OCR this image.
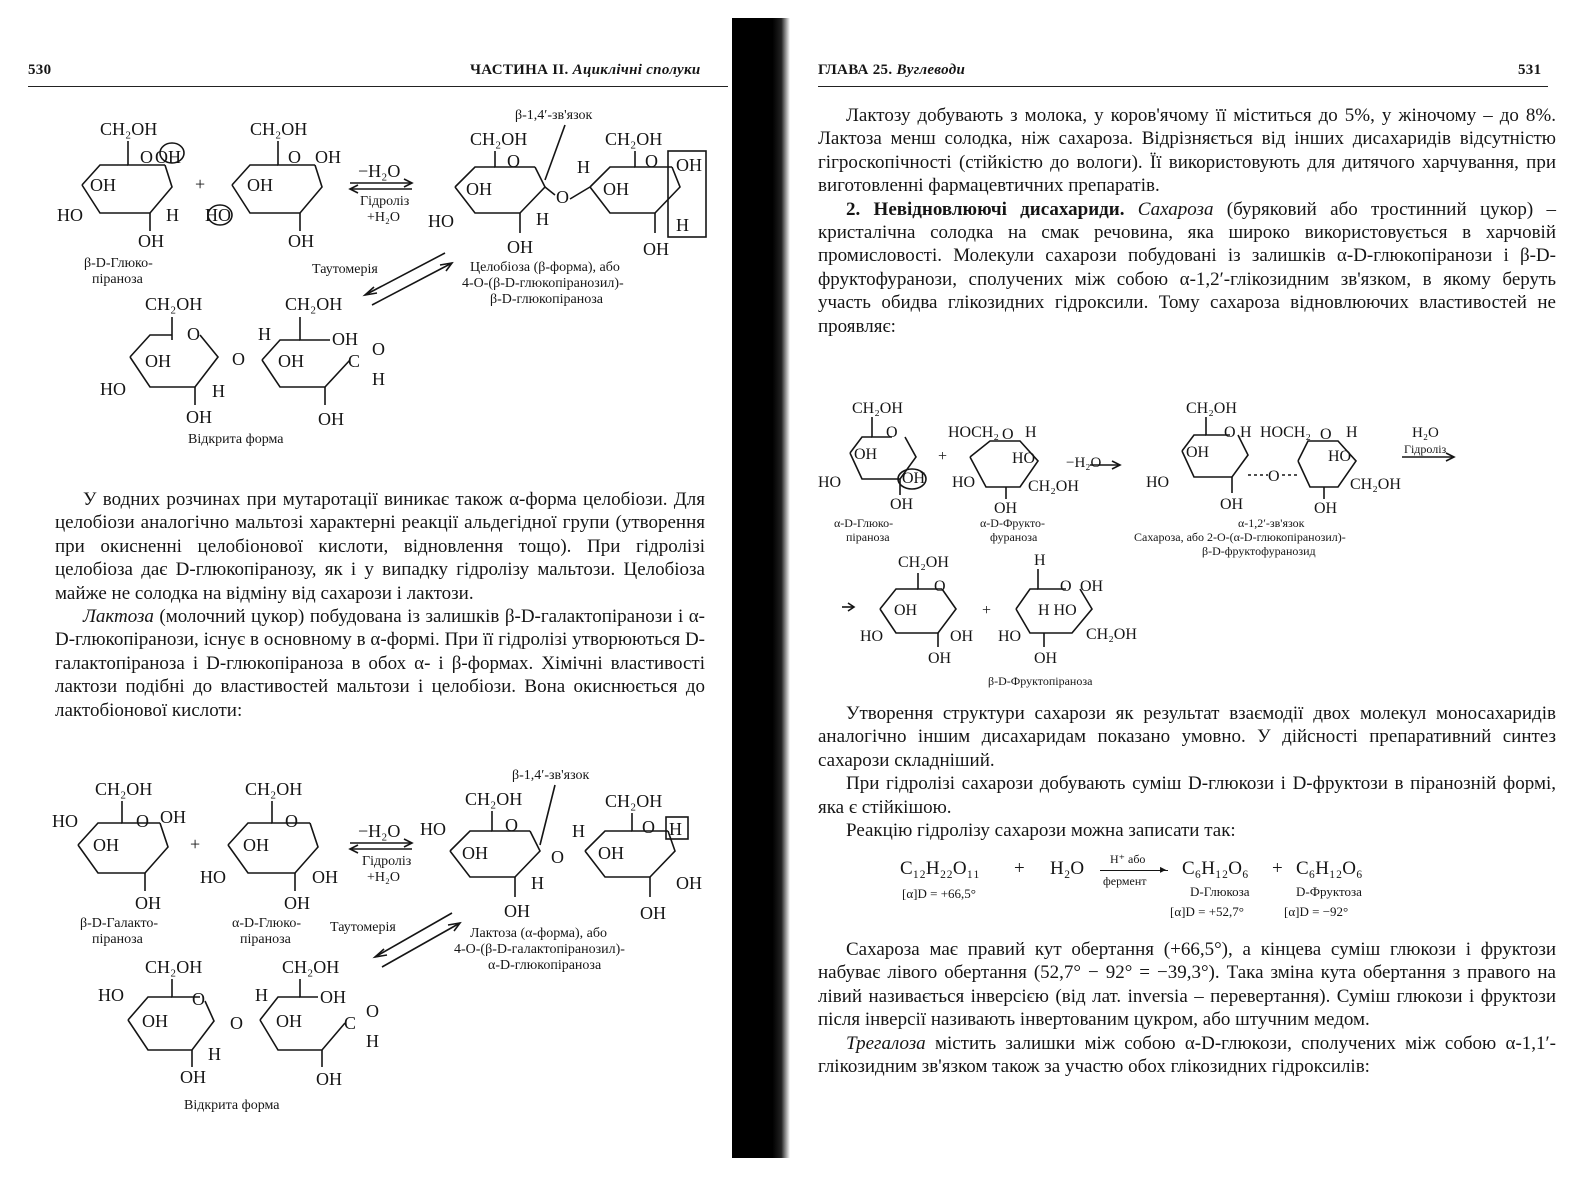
530	ЧАСТИНА II. Ациклічні сполуки
CH₂OH
O
OH
OH
HO	H
OH
+
CH₂OH
O OH
OH
HO
OH
−H₂O
Гідроліз
+H₂O
β-1,4′-зв'язок
CH₂OH
O
OH
HO	H
OH
O
CH₂OH
O
H
OH
OH
OH
H
Целобіоза (β-форма), або
4-О-(β-D-глюкопіранозил)-
β-D-глюкопіраноза
β-D-Глюко-
піраноза
Таутомерія
CH₂OH
O
OH
HO	H
OH
O
CH₂OH
H	OH
OH
OH
C
O
H
Відкрита форма

У водних розчинах при мутаротації виникає також α-форма целобіози. Для целобіози аналогічно мальтозі характерні реакції альдегідної групи (утворення при окисненні целобіонової кислоти, відновлення тощо). При гідролізі целобіоза дає D-глюкопіранозу, як і у випадку гідролізу мальтози. Целобіоза майже не солодка на відміну від сахарози і лактози.

Лактоза (молочний цукор) побудована із залишків β-D-галактопіранози і α-D-глюкопіранози, існує в основному в α-формі. При її гідролізі утворюються D-галактопіраноза і D-глюкопіраноза в обох α- і β-формах. Хімічні властивості лактози подібні до властивостей мальтози і целобіози. Вона окиснюється до лактобіонової кислоти:

CH₂OH
O OH
HO
OH
OH
+
CH₂OH
O
OH
HO	OH
OH
−H₂O
Гідроліз
+H₂O
β-1,4′-зв'язок
CH₂OH
O
HO
OH
H
OH
O
CH₂OH
O
H
OH
OH
H
OH
β-D-Галакто-
піраноза
α-D-Глюко-
піраноза
Таутомерія	Лактоза (α-форма), або
4-О-(β-D-галактопіранозил)-
α-D-глюкопіраноза
CH₂OH
HO	O
OH
H
OH
O
CH₂OH
H	OH
OH
OH
C
O
H
Відкрита форма
ГЛАВА 25. Вуглеводи	531

Лактозу добувають з молока, у коров'ячому її міститься до 5%, у жіночому – до 8%. Лактоза менш солодка, ніж сахароза. Відрізняється від інших дисахаридів відсутністю гігроскопічності (стійкістю до вологи). Її використовують для дитячого харчування, при виготовленні фармацевтичних препаратів.

2. Невідновлюючі дисахариди. Сахароза (буряковий або тростинний цукор) – кристалічна солодка на смак речовина, яка широко використовується в харчовій промисловості. Молекули сахарози побудовані із залишків α-D-глюкопіранози і β-D-фруктофуранози, сполучених між собою α-1,2′-глікозидним зв'язком, в якому беруть участь обидва глікозидних гідроксили. Тому сахароза відновлюючих властивостей не проявляє:

CH₂OH
O
OH
HO	OH
OH
+
HOCH₂ O H
HO
HO	CH₂OH
OH
−H₂O
CH₂OH
O H
OH
HO
OH
O
HOCH₂ O H
HO
CH₂OH
OH
H₂O
Гідроліз
α-D-Глюко-
піраноза
α-D-Фрукто-
фураноза
α-1,2′-зв'язок
Сахароза, або 2-О-(α-D-глюкопіранозил)-
β-D-фруктофуранозид
CH₂OH
O
OH
HO	OH
OH
+
H
O OH
H HO
HO	CH₂OH
OH
β-D-Фруктопіраноза

Утворення структури сахарози як результат взаємодії двох молекул моносахаридів аналогічно іншим дисахаридам показано умовно. У дійсності препаративний синтез сахарози складніший.

При гідролізі сахарози добувають суміш D-глюкози і D-фруктози в піранозній формі, яка є стійкішою.

Реакцію гідролізу сахарози можна записати так:

C₁₂H₂₂O₁₁ + H₂O H⁺ або
▸
фермент
C₆H₁₂O₆ + C₆H₁₂O₆
[α]D = +66,5°	D-Глюкоза	D-Фруктоза
[α]D = +52,7°	[α]D = −92°

Сахароза має правий кут обертання (+66,5°), а кінцева суміш глюкози і фруктози набуває лівого обертання (52,7° − 92° = −39,3°). Така зміна кута обертання з правого на лівий називається інверсією (від лат. inversia – перевертання). Суміш глюкози і фруктози після інверсії називають інвертованим цукром, або штучним медом.

Трегалоза містить залишки між собою α-D-глюкози, сполучених між собою α-1,1′-глікозидним зв'язком також за участю обох глікозидних гідроксилів:
